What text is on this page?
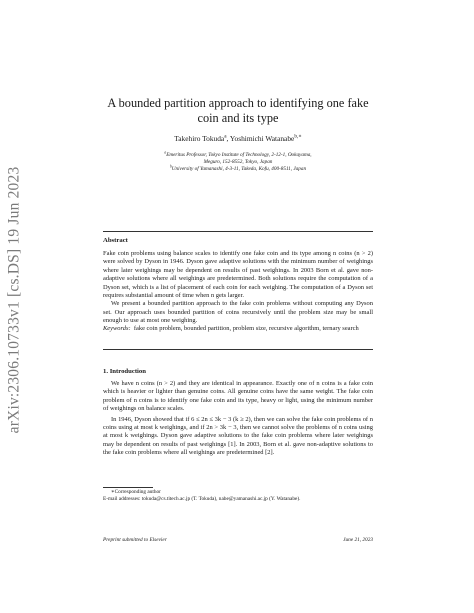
arXiv:2306.10733v1 [cs.DS] 19 Jun 2023
A bounded partition approach to identifying one fake coin and its type
Takehiro Tokuda$^a$, Yoshimichi Watanabe$^{b,∗}$
$^a$Emeritus Professor, Tokyo Institute of Technology, 2-12-1, Ookayama,
Meguro, 152-8552, Tokyo, Japan
$^b$University of Yamanashi, 4-3-11, Takeda, Kofu, 400-8511, Japan
Abstract

Fake coin problems using balance scales to identify one fake coin and its type among n coins (n > 2) were solved by Dyson in 1946. Dyson gave adaptive solutions with the minimum number of weighings where later weighings may be dependent on results of past weighings. In 2003 Born et al. gave non-adaptive solutions where all weighings are predetermined. Both solutions require the computation of a Dyson set, which is a list of placement of each coin for each weighing. The computation of a Dyson set requires substantial amount of time when n gets larger.

We present a bounded partition approach to the fake coin problems without computing any Dyson set. Our approach uses bounded partition of coins recursively until the problem size may be small enough to use at most one weighing.

Keywords: fake coin problem, bounded partition, problem size, recursive algorithm, ternary search

1. Introduction

We have n coins (n > 2) and they are identical in appearance. Exactly one of n coins is a fake coin which is heavier or lighter than genuine coins. All genuine coins have the same weight. The fake coin problem of n coins is to identify one fake coin and its type, heavy or light, using the minimum number of weighings on balance scales.

In 1946, Dyson showed that if 6 ≤ 2n ≤ 3k − 3 (k ≥ 2), then we can solve the fake coin problems of n coins using at most k weighings, and if 2n > 3k − 3, then we cannot solve the problems of n coins using at most k weighings. Dyson gave adaptive solutions to the fake coin problems where later weighings may be dependent on results of past weighings [1]. In 2003, Born et al. gave non-adaptive solutions to the fake coin problems where all weighings are predetermined [2].

∗Corresponding author
E-mail addresses: tokuda@cs.titech.ac.jp (T. Tokuda), nabe@yamanashi.ac.jp (Y. Watanabe).
Preprint submitted to Elsevier	June 21, 2023
